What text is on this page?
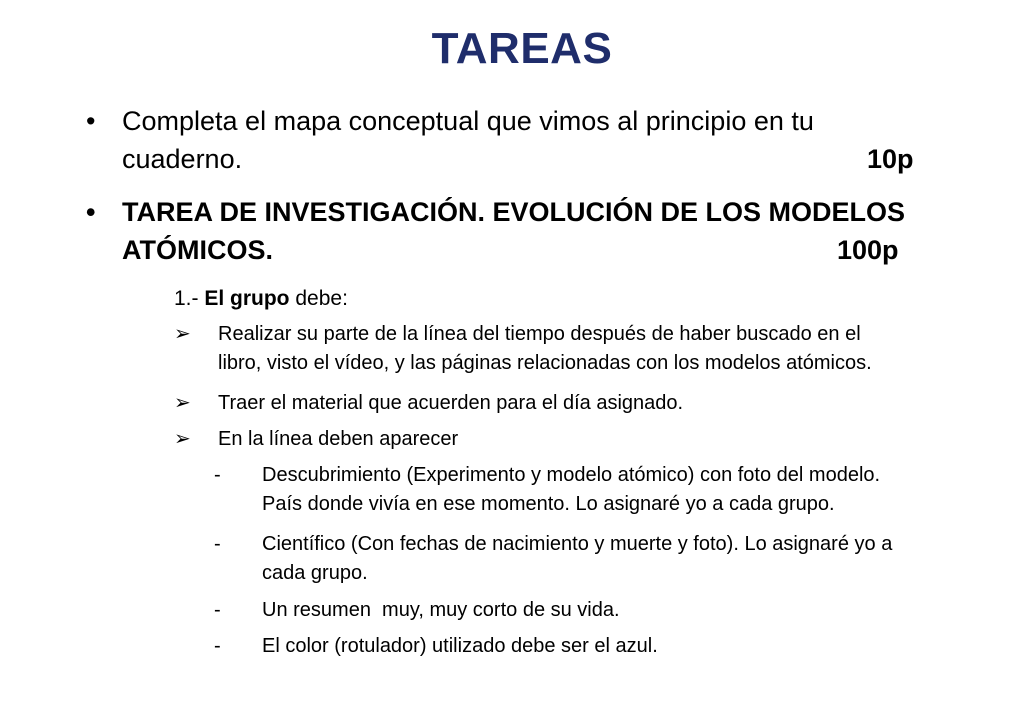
TAREAS
• Completa el mapa conceptual que vimos al principio en tu
cuaderno.	10p
• TAREA DE INVESTIGACIÓN. EVOLUCIÓN DE LOS MODELOS
ATÓMICOS.	100p
1.- El grupo debe:
➢	Realizar su parte de la línea del tiempo después de haber buscado en el
libro, visto el vídeo, y las páginas relacionadas con los modelos atómicos.
➢	Traer el material que acuerden para el día asignado.
➢	En la línea deben aparecer
- Descubrimiento (Experimento y modelo atómico) con foto del modelo.
País donde vivía en ese momento. Lo asignaré yo a cada grupo.
- Científico (Con fechas de nacimiento y muerte y foto). Lo asignaré yo a
cada grupo.
- Un resumen  muy, muy corto de su vida.
- El color (rotulador) utilizado debe ser el azul.
